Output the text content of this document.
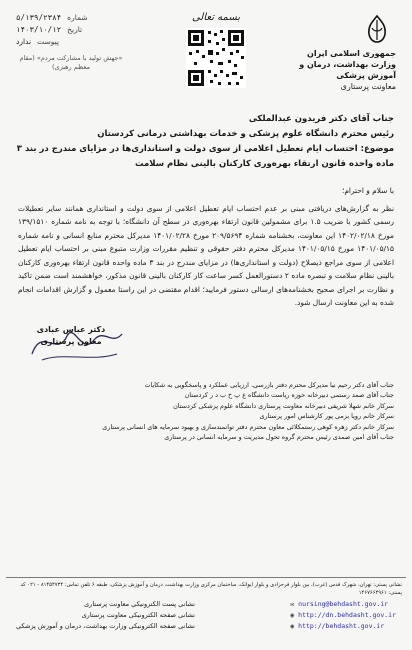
جمهوری اسلامی ایران
وزارت بهداشت، درمان و آموزش پزشکی
معاونت پرستاری
بسمه تعالی
شماره
۵/۱۳۹/۲۳۸۴
تاریخ
۱۴۰۳/۱۰/۱۲
پیوست
ندارد
«جهش تولید با مشارکت مردم» (مقام معظم رهبری)
جناب آقای دکتر فریدون عبدالملکی
رئیس محترم دانشگاه علوم پزشکی و خدمات بهداشتی درمانی کردستان
موضوع: احتساب ایام تعطیل اعلامی از سوی دولت و استانداری‌ها در مزایای مندرج در بند ۳ ماده واحده قانون ارتقاء بهره‌وری کارکنان بالینی نظام سلامت

با سلام و احترام؛

نظر به گزارش‌های دریافتی مبنی بر عدم احتساب ایام تعطیل اعلامی از سوی دولت و استانداری همانند سایر تعطیلات رسمی کشور با ضریب ۱.۵ برای مشمولین قانون ارتقاء بهره‌وری در سطح آن دانشگاه؛ با توجه به نامه شماره ۱۳۹/۱۵۱۰ مورخ ۱۴۰۲/۰۲/۱۸ این معاونت، بخشنامه شماره ۲۰۹/۵۶۹۴ مورخ ۱۴۰۱/۰۲/۲۸ مدیرکل محترم منابع انسانی و نامه شماره ۱۴۰۱/۰۵/۱۵ مورخ ۱۴۰۱/۰۵/۱۵ مدیرکل محترم دفتر حقوقی و تنظیم مقررات وزارت متبوع مبنی بر احتساب ایام تعطیل اعلامی از سوی مراجع ذیصلاح (دولت و استانداری‌ها) در مزایای مندرج در بند ۳ ماده واحده قانون ارتقاء بهره‌وری کارکنان بالینی نظام سلامت و تبصره ماده ۲ دستورالعمل کسر ساعت کار کارکنان بالینی قانون مذکور، خواهشمند است ضمن تاکید و نظارت بر اجرای صحیح بخشنامه‌های ارسالی دستور فرمایید؛ اقدام مقتضی در این راستا معمول و گزارش اقدامات انجام شده به این معاونت ارسال شود.

دکتر عباس عبادی
معاون پرستاری
جناب آقای دکتر رحیم نیا مدیرکل محترم دفتر بازرسی، ارزیابی عملکرد و پاسخگویی به شکایات
جناب آقای صمد رستمی دبیرخانه حوزه ریاست دانشگاه ع پ خ ب د ر کردستان
سرکار خانم شهلا شریفی دبیرخانه معاونت پرستاری دانشگاه علوم پزشکی کردستان
سرکار خانم رویا بزمی پور کارشناس امور پرستاری
سرکار خانم دکتر زهره کوهی رستمکلائی معاون محترم دفتر توانمندسازی و بهبود سرمایه های انسانی پرستاری
جناب آقای امین صمدی رئیس محترم گروه تحول مدیریت و سرمایه انسانی در پرستاری
نشانی پستی: تهران، شهرک قدس (غرب)، بین بلوار فرحزادی و بلوار ایوانک، ساختمان مرکزی وزارت بهداشت، درمان و آموزش پزشکی، طبقه ۶ تلفن تماس: ۸۱۴۵۴۷۳۴ - ۰۲۱ کد پستی: ۱۴۶۷۶۶۴۹۶۱
✉ nursing@behdasht.gov.ir
◉ http://dn.behdasht.gov.ir
◉ http://behdasht.gov.ir
نشانی پست الکترونیکی معاونت پرستاری
نشانی صفحه الکترونیکی معاونت پرستاری
نشانی صفحه الکترونیکی وزارت بهداشت، درمان و آموزش پزشکی
